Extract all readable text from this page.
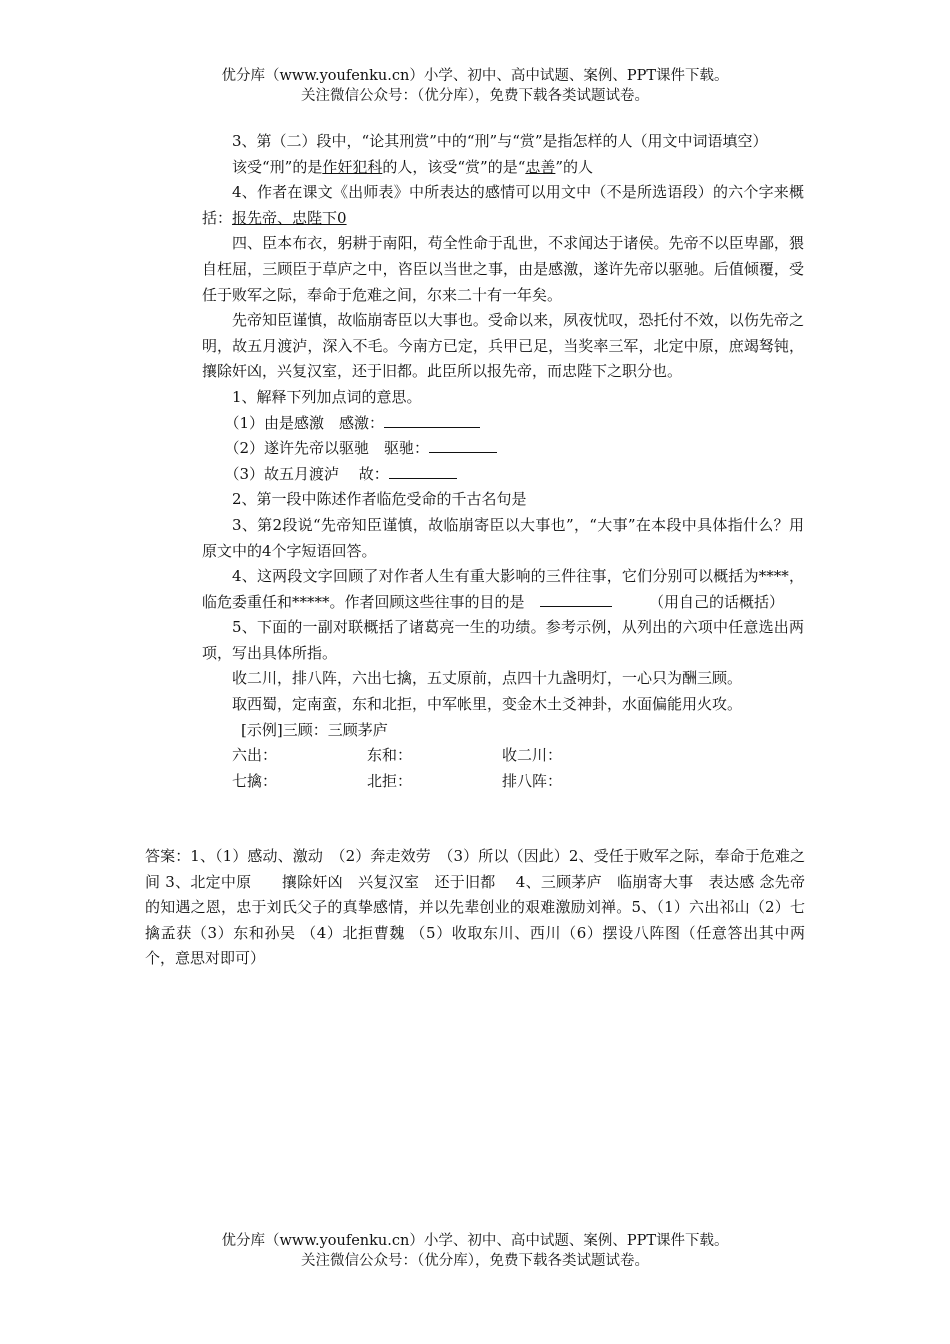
优分库（www.youfenku.cn）小学、初中、高中试题、案例、PPT课件下载。
关注微信公众号：（优分库），免费下载各类试题试卷。

3、第（二）段中，“论其刑赏”中的“刑”与“赏”是指怎样的人（用文中词语填空）

该受“刑”的是作奸犯科的人，该受“赏”的是“忠善”的人

4、作者在课文《出师表》中所表达的感情可以用文中（不是所选语段）的六个字来概括：报先帝、忠陛下0

四、臣本布衣，躬耕于南阳，苟全性命于乱世，不求闻达于诸侯。先帝不以臣卑鄙，猥自枉屈，三顾臣于草庐之中，咨臣以当世之事，由是感激，遂许先帝以驱驰。后值倾覆，受任于败军之际，奉命于危难之间，尔来二十有一年矣。

先帝知臣谨慎，故临崩寄臣以大事也。受命以来，夙夜忧叹，恐托付不效，以伤先帝之明，故五月渡泸，深入不毛。今南方已定，兵甲已足，当奖率三军，北定中原，庶竭驽钝，攘除奸凶，兴复汉室，还于旧都。此臣所以报先帝，而忠陛下之职分也。

1、解释下列加点词的意思。

（1）由是感激　感激：

（2）遂许先帝以驱驰　驱驰：

（3）故五月渡泸　 故：

2、第一段中陈述作者临危受命的千古名句是

3、第2段说“先帝知臣谨慎，故临崩寄臣以大事也”，“大事”在本段中具体指什么？用原文中的4个字短语回答。

4、这两段文字回顾了对作者人生有重大影响的三件往事，它们分别可以概括为****，临危委重任和*****。作者回顾这些往事的目的是　　　　	（用自己的话概括）

5、下面的一副对联概括了诸葛亮一生的功绩。参考示例，从列出的六项中任意选出两项，写出具体所指。

收二川，排八阵，六出七擒，五丈原前，点四十九盏明灯，一心只为酬三顾。

取西蜀，定南蛮，东和北拒，中军帐里，变金木土爻神卦，水面偏能用火攻。

[示例]三顾：三顾茅庐

六出：	东和：	收二川：
七擒：	北拒：	排八阵：

答案：1、（1）感动、激动　（2）奔走效劳　（3）所以（因此）2、受任于败军之际，奉命于危难之间 3、北定中原　　攘除奸凶　兴复汉室　还于旧都　 4、三顾茅庐　临崩寄大事　表达感 念先帝的知遇之恩，忠于刘氏父子的真挚感情，并以先辈创业的艰难激励刘禅。5、（1）六出祁山（2）七擒孟获（3）东和孙吴 （4）北拒曹魏 （5）收取东川、西川（6）摆设八阵图（任意答出其中两个，意思对即可）

优分库（www.youfenku.cn）小学、初中、高中试题、案例、PPT课件下载。
关注微信公众号：（优分库），免费下载各类试题试卷。
